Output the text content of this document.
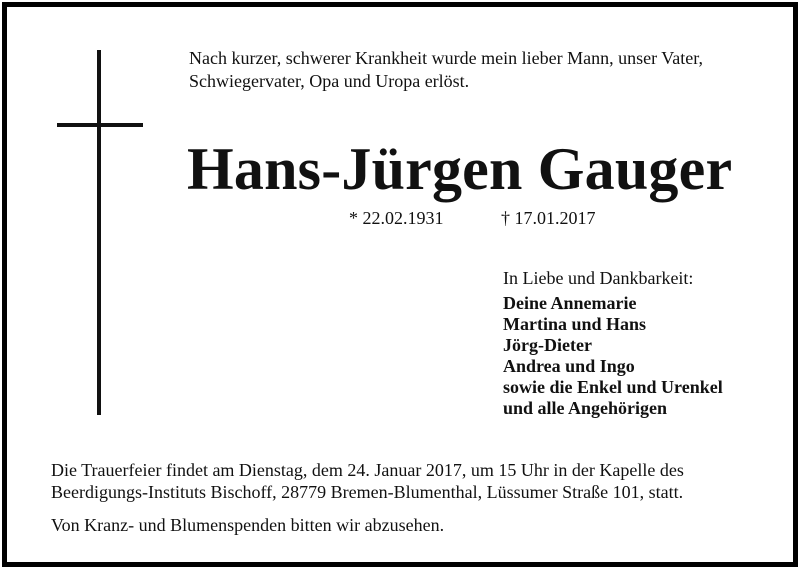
Nach kurzer, schwerer Krankheit wurde mein lieber Mann, unser Vater,
Schwiegervater, Opa und Uropa erlöst.

Hans-Jürgen Gauger
* 22.02.1931	† 17.01.2017
In Liebe und Dankbarkeit:
Deine Annemarie
Martina und Hans
Jörg-Dieter
Andrea und Ingo
sowie die Enkel und Urenkel
und alle Angehörigen

Die Trauerfeier findet am Dienstag, dem 24. Januar 2017, um 15 Uhr in der Kapelle des
Beerdigungs-Instituts Bischoff, 28779 Bremen-Blumenthal, Lüssumer Straße 101, statt.

Von Kranz- und Blumenspenden bitten wir abzusehen.
